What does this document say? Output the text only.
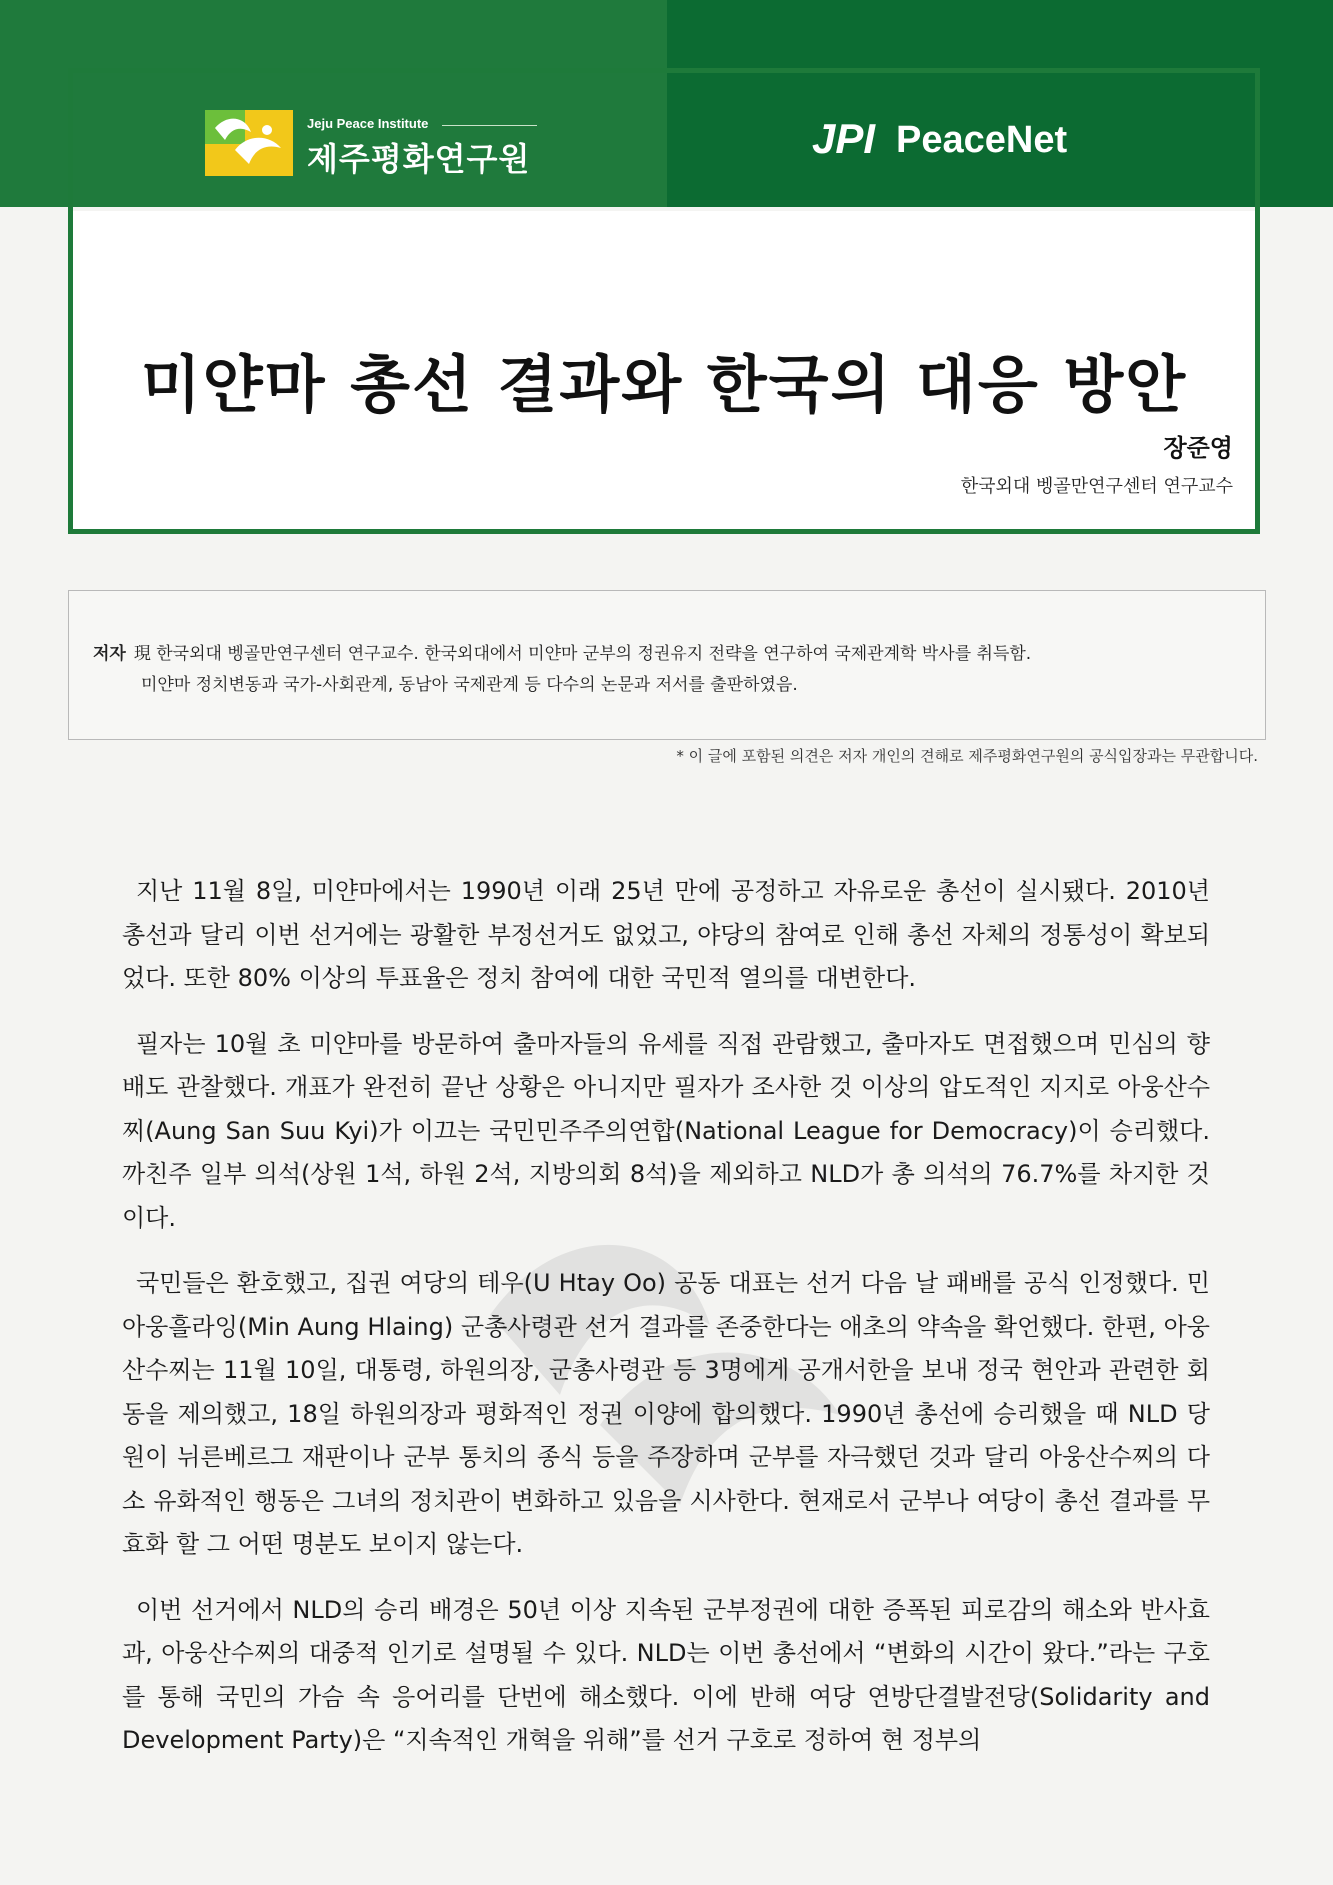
Jeju Peace Institute
제주평화연구원	JPI PeaceNet
미얀마 총선 결과와 한국의 대응 방안
장준영
한국외대 벵골만연구센터 연구교수
저자 現 한국외대 벵골만연구센터 연구교수. 한국외대에서 미얀마 군부의 정권유지 전략을 연구하여 국제관계학 박사를 취득함.
미얀마 정치변동과 국가-사회관계, 동남아 국제관계 등 다수의 논문과 저서를 출판하였음.
* 이 글에 포함된 의견은 저자 개인의 견해로 제주평화연구원의 공식입장과는 무관합니다.

지난 11월 8일, 미얀마에서는 1990년 이래 25년 만에 공정하고 자유로운 총선이 실시됐다. 2010년 총선과 달리 이번 선거에는 광활한 부정선거도 없었고, 야당의 참여로 인해 총선 자체의 정통성이 확보되었다. 또한 80% 이상의 투표율은 정치 참여에 대한 국민적 열의를 대변한다.

필자는 10월 초 미얀마를 방문하여 출마자들의 유세를 직접 관람했고, 출마자도 면접했으며 민심의 향배도 관찰했다. 개표가 완전히 끝난 상황은 아니지만 필자가 조사한 것 이상의 압도적인 지지로 아웅산수찌(Aung San Suu Kyi)가 이끄는 국민민주주의연합(National League for Democracy)이 승리했다. 까친주 일부 의석(상원 1석, 하원 2석, 지방의회 8석)을 제외하고 NLD가 총 의석의 76.7%를 차지한 것이다.

국민들은 환호했고, 집권 여당의 테우(U Htay Oo) 공동 대표는 선거 다음 날 패배를 공식 인정했다. 민아웅흘라잉(Min Aung Hlaing) 군총사령관 선거 결과를 존중한다는 애초의 약속을 확언했다. 한편, 아웅산수찌는 11월 10일, 대통령, 하원의장, 군총사령관 등 3명에게 공개서한을 보내 정국 현안과 관련한 회동을 제의했고, 18일 하원의장과 평화적인 정권 이양에 합의했다. 1990년 총선에 승리했을 때 NLD 당원이 뉘른베르그 재판이나 군부 통치의 종식 등을 주장하며 군부를 자극했던 것과 달리 아웅산수찌의 다소 유화적인 행동은 그녀의 정치관이 변화하고 있음을 시사한다. 현재로서 군부나 여당이 총선 결과를 무효화 할 그 어떤 명분도 보이지 않는다.

이번 선거에서 NLD의 승리 배경은 50년 이상 지속된 군부정권에 대한 증폭된 피로감의 해소와 반사효과, 아웅산수찌의 대중적 인기로 설명될 수 있다. NLD는 이번 총선에서 “변화의 시간이 왔다.”라는 구호를 통해 국민의 가슴 속 응어리를 단번에 해소했다. 이에 반해 여당 연방단결발전당(Solidarity and Development Party)은 “지속적인 개혁을 위해”를 선거 구호로 정하여 현 정부의
